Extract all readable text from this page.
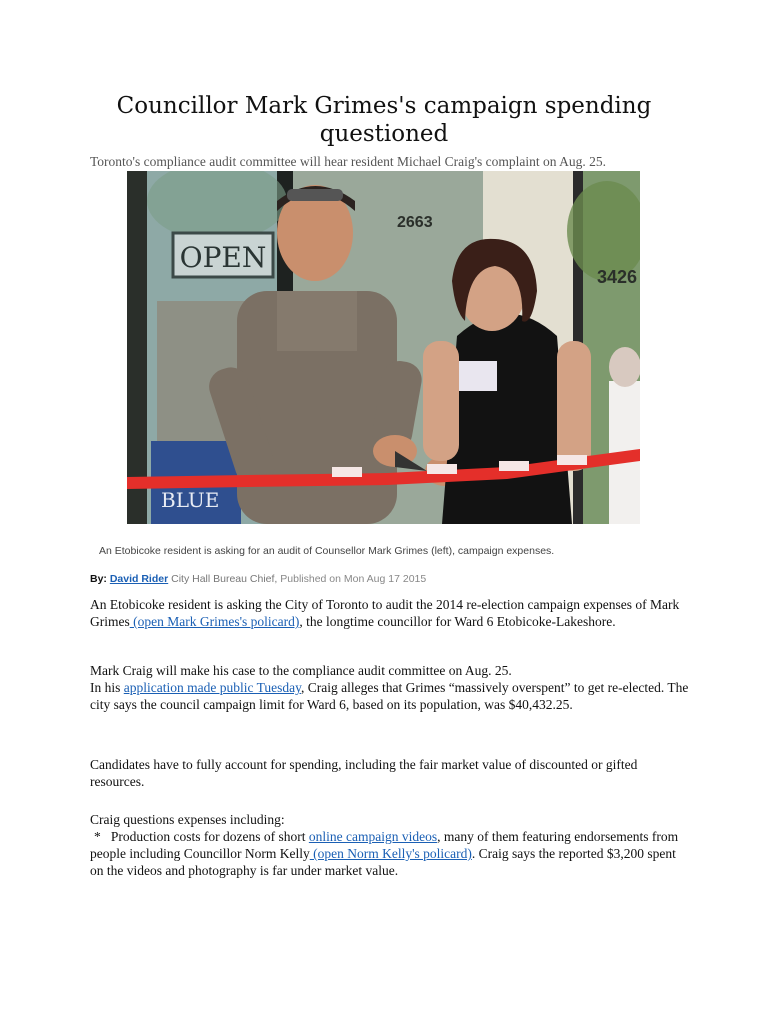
Councillor Mark Grimes's campaign spending questioned

Toronto's compliance audit committee will hear resident Michael Craig's complaint on Aug. 25.

OPEN
2663
3426
BLUE

An Etobicoke resident is asking for an audit of Counsellor Mark Grimes (left), campaign expenses.

By: David Rider City Hall Bureau Chief, Published on Mon Aug 17 2015

An Etobicoke resident is asking the City of Toronto to audit the 2014 re-election campaign expenses of Mark Grimes (open Mark Grimes's policard), the longtime councillor for Ward 6 Etobicoke-Lakeshore.

Mark Craig will make his case to the compliance audit committee on Aug. 25.
In his application made public Tuesday, Craig alleges that Grimes “massively overspent” to get re-elected. The city says the council campaign limit for Ward 6, based on its population, was $40,432.25.

Candidates have to fully account for spending, including the fair market value of discounted or gifted resources.

Craig questions expenses including:
*   Production costs for dozens of short online campaign videos, many of them featuring endorsements from people including Councillor Norm Kelly (open Norm Kelly's policard). Craig says the reported $3,200 spent on the videos and photography is far under market value.
